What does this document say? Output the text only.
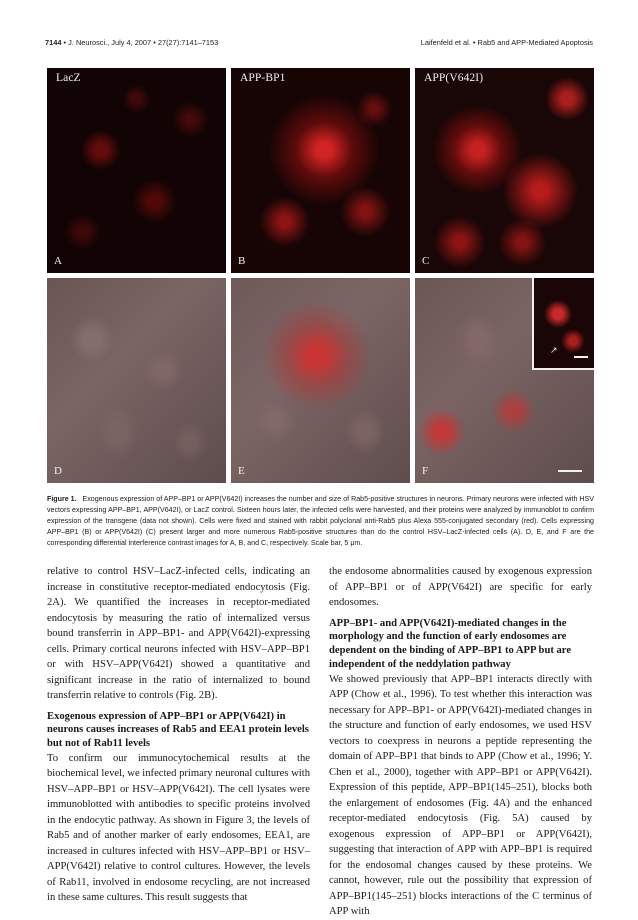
7144 • J. Neurosci., July 4, 2007 • 27(27):7141–7153	Laifenfeld et al. • Rab5 and APP-Mediated Apoptosis
LacZ
A
APP-BP1
B
APP(V642I)
C
D	E
↗
F
Figure 1. Exogenous expression of APP–BP1 or APP(V642I) increases the number and size of Rab5-positive structures in neurons. Primary neurons were infected with HSV vectors expressing APP–BP1, APP(V642I), or LacZ control. Sixteen hours later, the infected cells were harvested, and their proteins were analyzed by immunoblot to confirm expression of the transgene (data not shown). Cells were fixed and stained with rabbit polyclonal anti-Rab5 plus Alexa 555-conjugated secondary (red). Cells expressing APP–BP1 (B) or APP(V642I) (C) present larger and more numerous Rab5-positive structures than do the control HSV–LacZ-infected cells (A). D, E, and F are the corresponding differential interference contrast images for A, B, and C, respectively. Scale bar, 5 μm.

relative to control HSV–LacZ-infected cells, indicating an increase in constitutive receptor-mediated endocytosis (Fig. 2A). We quantified the increases in receptor-mediated endocytosis by measuring the ratio of internalized versus bound transferrin in APP–BP1- and APP(V642I)-expressing cells. Primary cortical neurons infected with HSV–APP–BP1 or with HSV–APP(V642I) showed a quantitative and significant increase in the ratio of internalized to bound transferrin relative to controls (Fig. 2B).

Exogenous expression of APP–BP1 or APP(V642I) in neurons causes increases of Rab5 and EEA1 protein levels but not of Rab11 levels

To confirm our immunocytochemical results at the biochemical level, we infected primary neuronal cultures with HSV–APP–BP1 or HSV–APP(V642I). The cell lysates were immunoblotted with antibodies to specific proteins involved in the endocytic pathway. As shown in Figure 3, the levels of Rab5 and of another marker of early endosomes, EEA1, are increased in cultures infected with HSV–APP–BP1 or HSV–APP(V642I) relative to control cultures. However, the levels of Rab11, involved in endosome recycling, are not increased in these same cultures. This result suggests that

the endosome abnormalities caused by exogenous expression of APP–BP1 or of APP(V642I) are specific for early endosomes.

APP–BP1- and APP(V642I)-mediated changes in the morphology and the function of early endosomes are dependent on the binding of APP–BP1 to APP but are independent of the neddylation pathway

We showed previously that APP–BP1 interacts directly with APP (Chow et al., 1996). To test whether this interaction was necessary for APP–BP1- or APP(V642I)-mediated changes in the structure and function of early endosomes, we used HSV vectors to coexpress in neurons a peptide representing the domain of APP–BP1 that binds to APP (Chow et al., 1996; Y. Chen et al., 2000), together with APP–BP1 or APP(V642I). Expression of this peptide, APP–BP1(145–251), blocks both the enlargement of endosomes (Fig. 4A) and the enhanced receptor-mediated endocytosis (Fig. 5A) caused by exogenous expression of APP–BP1 or APP(V642I), suggesting that interaction of APP with APP–BP1 is required for the endosomal changes caused by these proteins. We cannot, however, rule out the possibility that expression of APP–BP1(145–251) blocks interactions of the C terminus of APP with
